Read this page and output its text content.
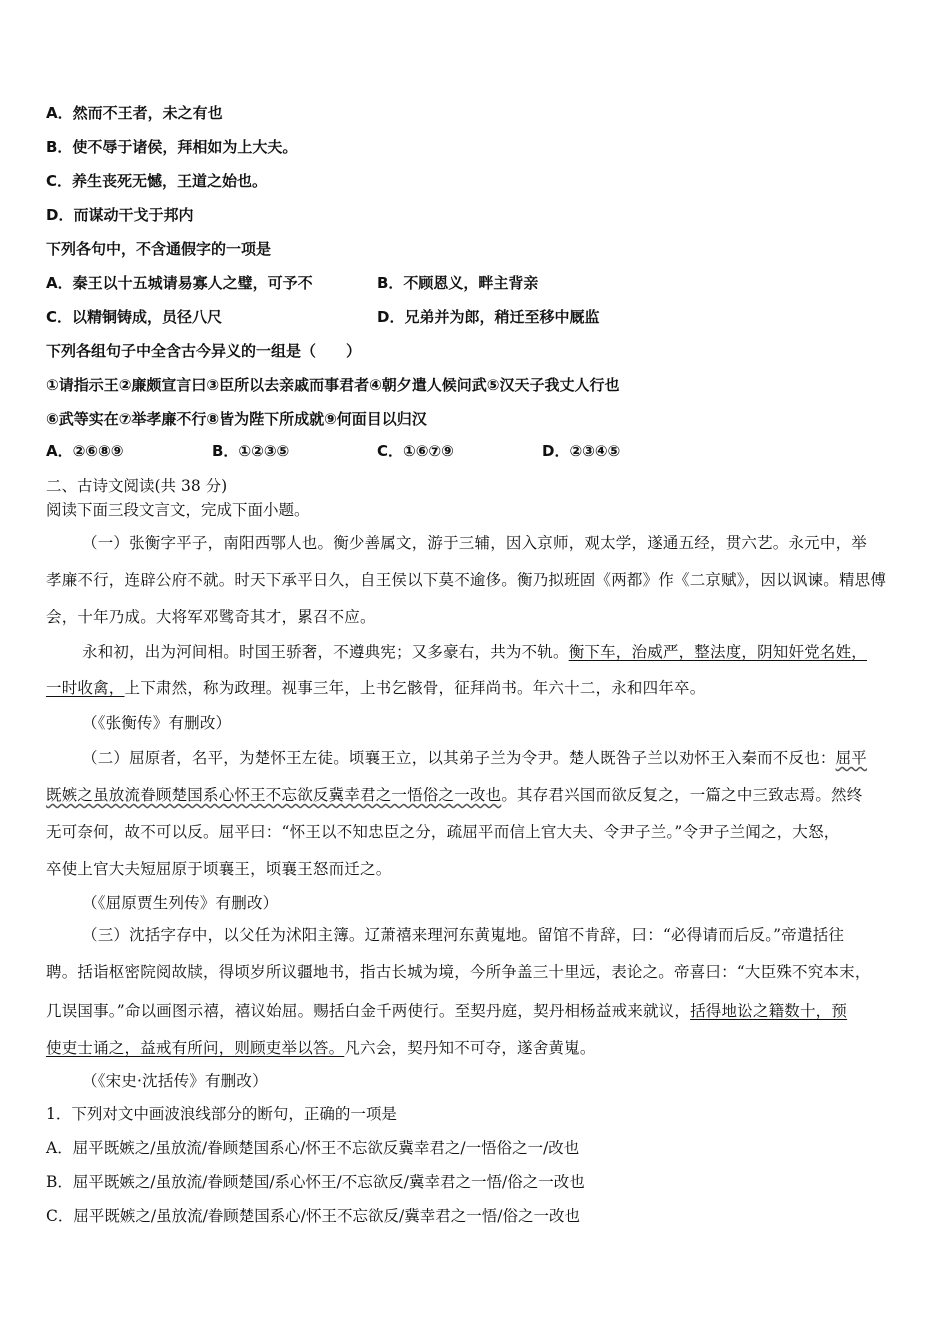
A．然而不王者，未之有也
B．使不辱于诸侯，拜相如为上大夫。
C．养生丧死无憾，王道之始也。
D．而谋动干戈于邦内
下列各句中，不含通假字的一项是
A．秦王以十五城请易寡人之璧，可予不	B．不顾恩义，畔主背亲
C．以精铜铸成，员径八尺	D．兄弟并为郎，稍迁至移中厩监
下列各组句子中全含古今异义的一组是（　　）
①请指示王②廉颇宣言曰③臣所以去亲戚而事君者④朝夕遣人候问武⑤汉天子我丈人行也
⑥武等实在⑦举孝廉不行⑧皆为陛下所成就⑨何面目以归汉
A．②⑥⑧⑨	B．①②③⑤	C．①⑥⑦⑨	D．②③④⑤
二、古诗文阅读(共 38 分)
阅读下面三段文言文，完成下面小题。
（一）张衡字平子，南阳西鄂人也。衡少善属文，游于三辅，因入京师，观太学，遂通五经，贯六艺。永元中，举
孝廉不行，连辟公府不就。时天下承平日久，自王侯以下莫不逾侈。衡乃拟班固《两都》作《二京赋》，因以讽谏。精思傅
会，十年乃成。大将军邓骘奇其才，累召不应。
永和初，出为河间相。时国王骄奢，不遵典宪；又多豪右，共为不轨。衡下车，治威严，整法度，阴知奸党名姓，
一时收禽，上下肃然，称为政理。视事三年，上书乞骸骨，征拜尚书。年六十二，永和四年卒。
（《张衡传》有删改）
（二）屈原者，名平，为楚怀王左徒。顷襄王立，以其弟子兰为令尹。楚人既咎子兰以劝怀王入秦而不反也：屈平
既嫉之虽放流眷顾楚国系心怀王不忘欲反冀幸君之一悟俗之一改也。其存君兴国而欲反复之，一篇之中三致志焉。然终
无可奈何，故不可以反。屈平曰：“怀王以不知忠臣之分，疏屈平而信上官大夫、令尹子兰。”令尹子兰闻之，大怒，
卒使上官大夫短屈原于顷襄王，顷襄王怒而迁之。
（《屈原贾生列传》有删改）
（三）沈括字存中，以父任为沭阳主簿。辽萧禧来理河东黄嵬地。留馆不肯辞，曰：“必得请而后反。”帝遣括往
聘。括诣枢密院阅故牍，得顷岁所议疆地书，指古长城为境，今所争盖三十里远，表论之。帝喜曰：“大臣殊不究本末，
几误国事。”命以画图示禧，禧议始屈。赐括白金千两使行。至契丹庭，契丹相杨益戒来就议，括得地讼之籍数十，预
使吏士诵之，益戒有所问，则顾吏举以答。凡六会，契丹知不可夺，遂舍黄嵬。
（《宋史·沈括传》有删改）
1．下列对文中画波浪线部分的断句，正确的一项是
A．屈平既嫉之/虽放流/眷顾楚国系心/怀王不忘欲反冀幸君之/一悟俗之一/改也
B．屈平既嫉之/虽放流/眷顾楚国/系心怀王/不忘欲反/冀幸君之一悟/俗之一改也
C．屈平既嫉之/虽放流/眷顾楚国系心/怀王不忘欲反/冀幸君之一悟/俗之一改也
